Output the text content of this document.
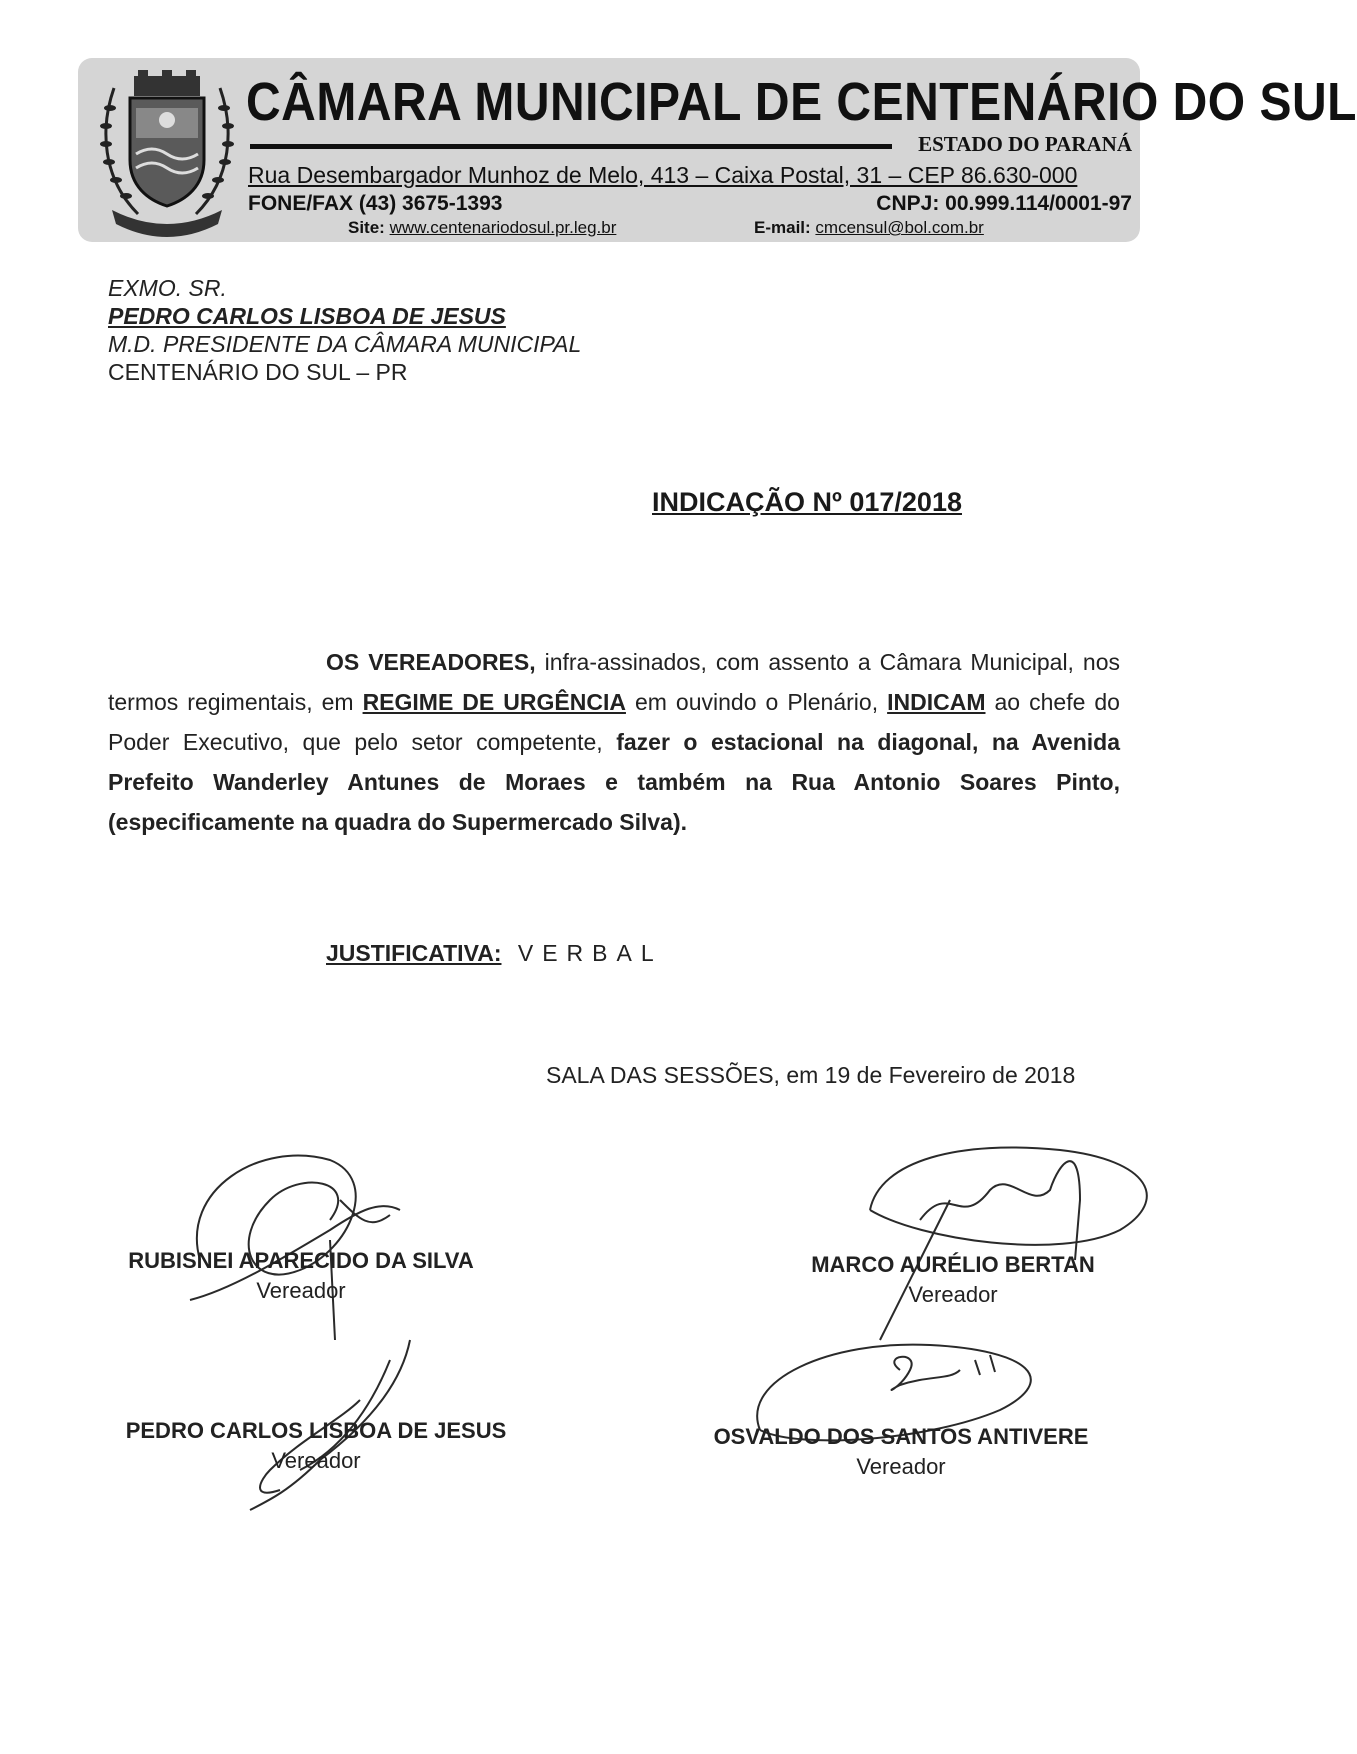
CÂMARA MUNICIPAL DE CENTENÁRIO DO SUL
ESTADO DO PARANÁ
Rua Desembargador Munhoz de Melo, 413 – Caixa Postal, 31 – CEP 86.630-000
FONE/FAX (43) 3675-1393	CNPJ: 00.999.114/0001-97
Site: www.centenariodosul.pr.leg.br	E-mail: cmcensul@bol.com.br
EXMO. SR.
PEDRO CARLOS LISBOA DE JESUS
M.D. PRESIDENTE DA CÂMARA MUNICIPAL
CENTENÁRIO DO SUL – PR
INDICAÇÃO Nº 017/2018
OS VEREADORES, infra-assinados, com assento a Câmara Municipal, nos termos regimentais, em REGIME DE URGÊNCIA em ouvindo o Plenário, INDICAM ao chefe do Poder Executivo, que pelo setor competente, fazer o estacional na diagonal, na Avenida Prefeito Wanderley Antunes de Moraes e também na Rua Antonio Soares Pinto, (especificamente na quadra do Supermercado Silva).
JUSTIFICATIVA: VERBAL
SALA DAS SESSÕES, em 19 de Fevereiro de 2018
RUBISNEI APARECIDO DA SILVA
Vereador
MARCO AURÉLIO BERTAN
Vereador
PEDRO CARLOS LISBOA DE JESUS
Vereador
OSVALDO DOS SANTOS ANTIVERE
Vereador
